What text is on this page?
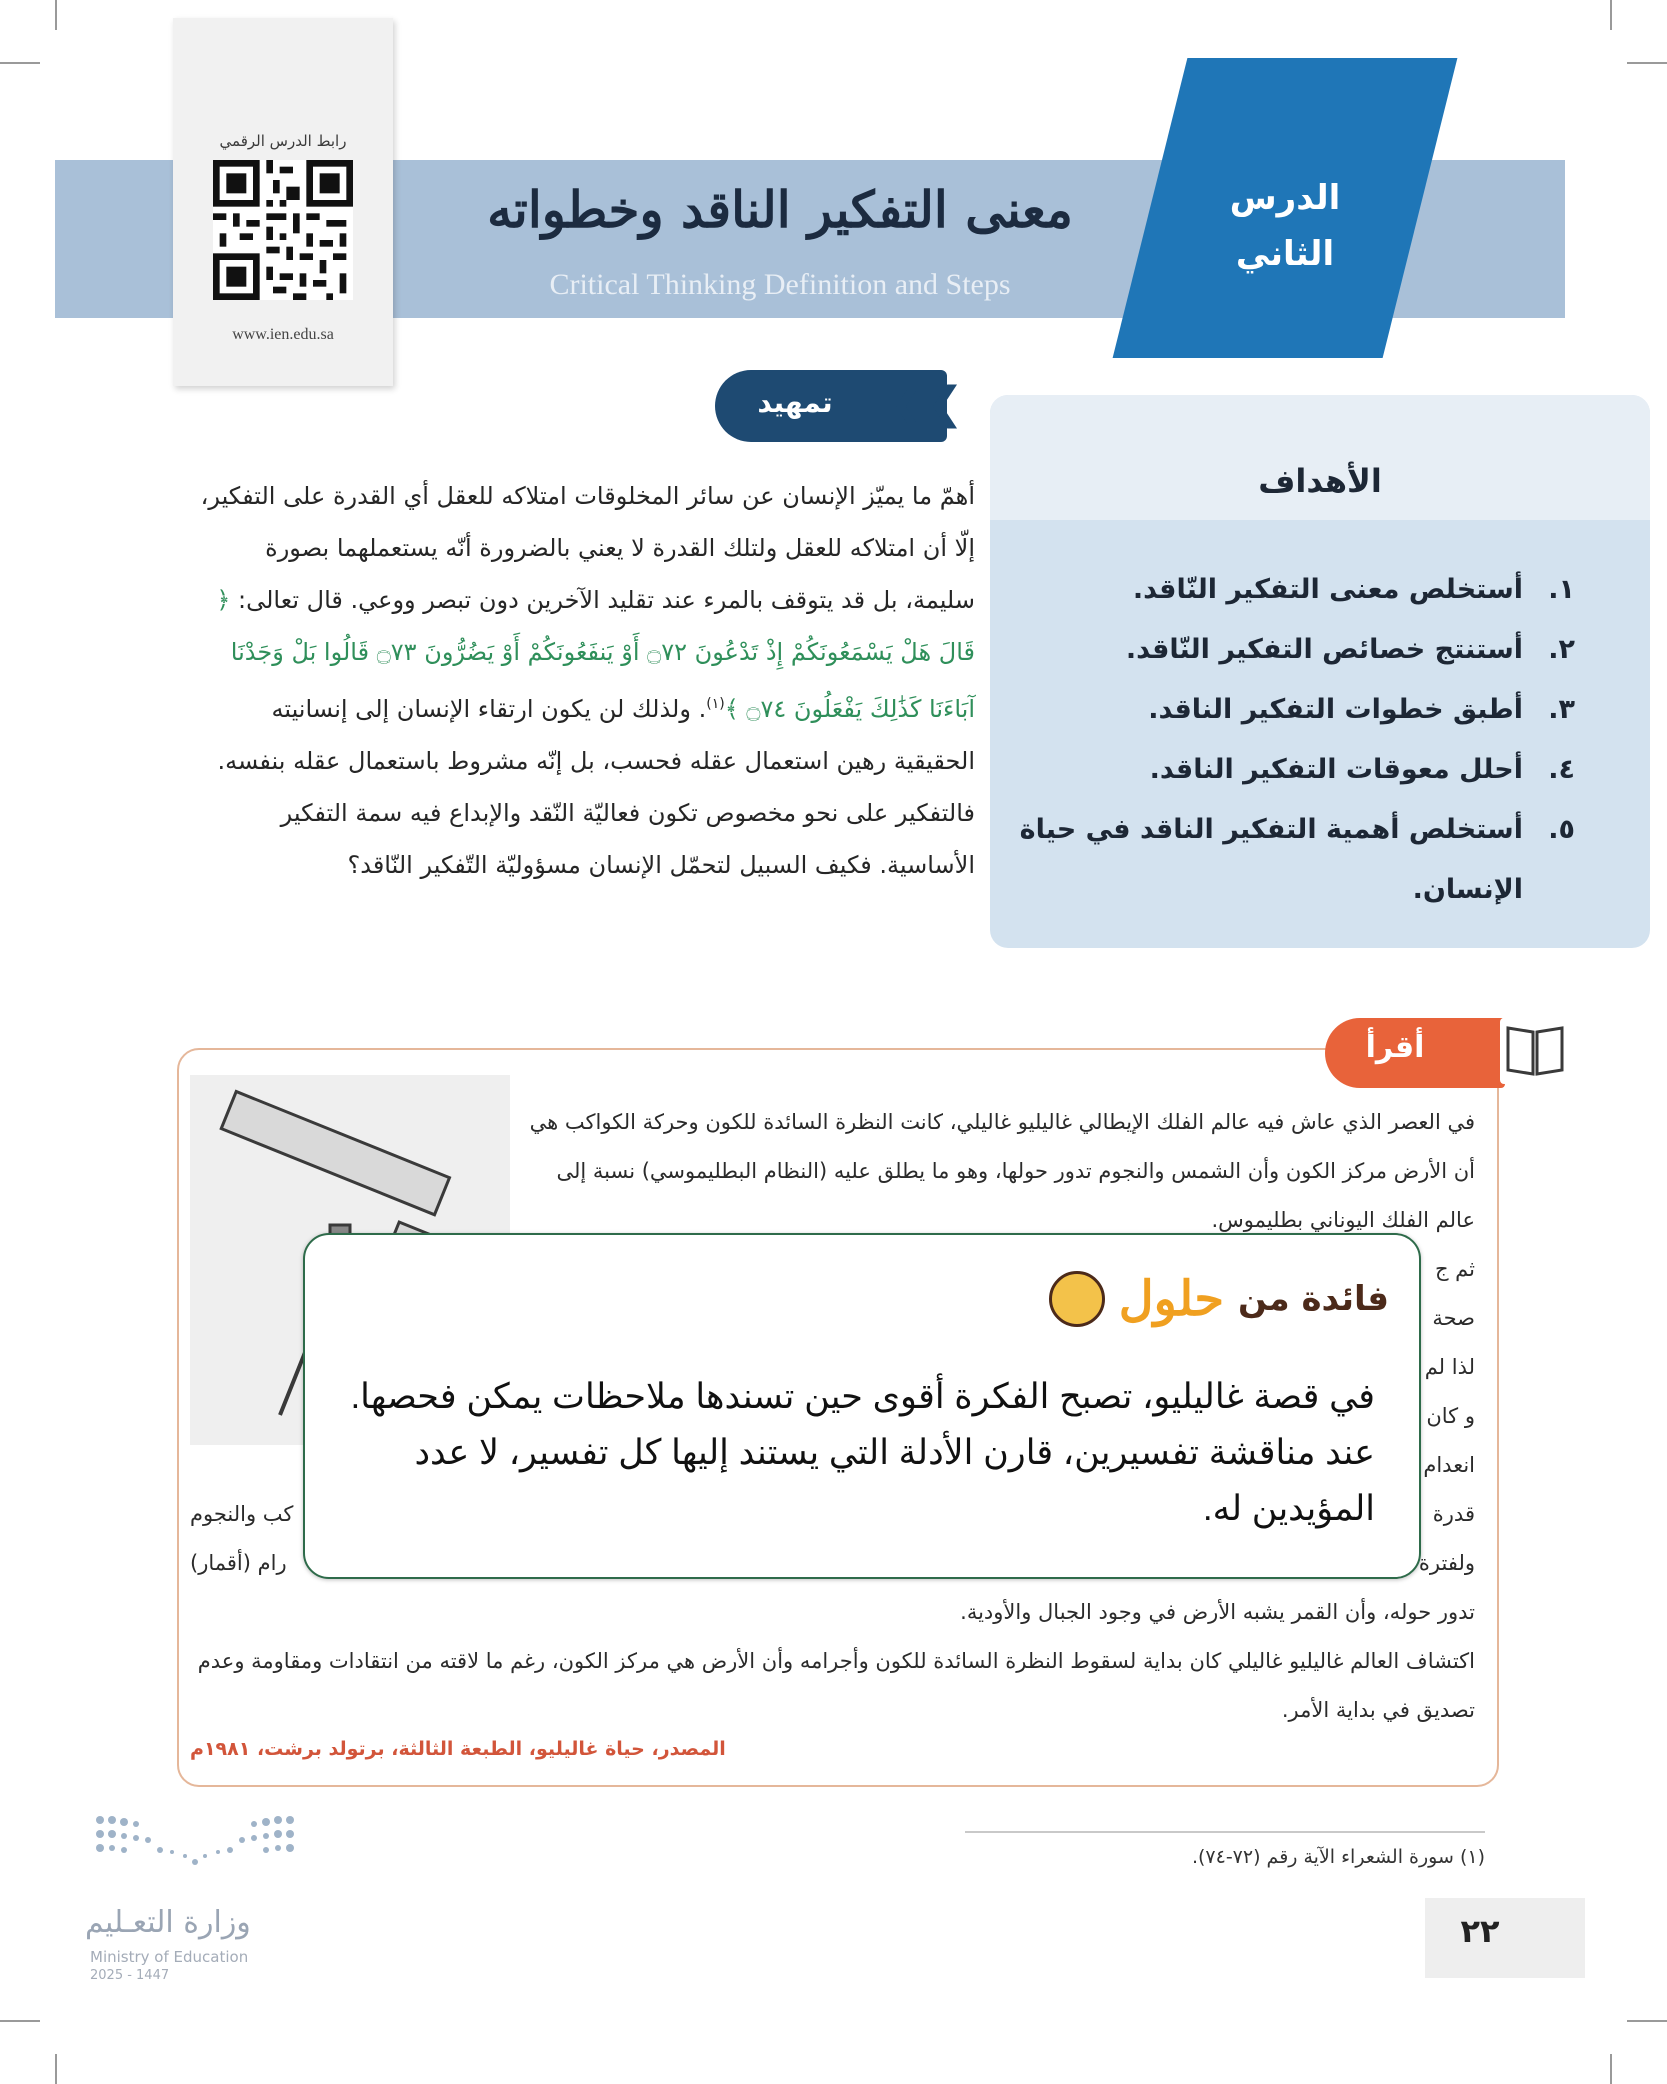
الدرس
الثاني
معنى التفكير الناقد وخطواته
Critical Thinking Definition and Steps
رابط الدرس الرقمي
www.ien.edu.sa
الأهداف
١.
أستخلص معنى التفكير النّاقد.
٢.
أستنتج خصائص التفكير النّاقد.
٣.
أطبق خطوات التفكير الناقد.
٤.
أحلل معوقات التفكير الناقد.
٥.
أستخلص أهمية التفكير الناقد في حياة الإنسان.
تمهيد	❮❮
أهمّ ما يميّز الإنسان عن سائر المخلوقات امتلاكه للعقل أي القدرة على التفكير، إلّا أن امتلاكه للعقل ولتلك القدرة لا يعني بالضرورة أنّه يستعملهما بصورة سليمة، بل قد يتوقف بالمرء عند تقليد الآخرين دون تبصر ووعي. قال تعالى: ﴿ قَالَ هَلْ يَسْمَعُونَكُمْ إِذْ تَدْعُونَ ۝٧٢ أَوْ يَنفَعُونَكُمْ أَوْ يَضُرُّونَ ۝٧٣ قَالُوا بَلْ وَجَدْنَا آبَاءَنَا كَذَٰلِكَ يَفْعَلُونَ ۝٧٤ ﴾$^{(١)}$. ولذلك لن يكون ارتقاء الإنسان إلى إنسانيته الحقيقية رهين استعمال عقله فحسب، بل إنّه مشروط باستعمال عقله بنفسه. فالتفكير على نحو مخصوص تكون فعاليّة النّقد والإبداع فيه سمة التفكير الأساسية. فكيف السبيل لتحمّل الإنسان مسؤوليّة التّفكير النّاقد؟
أقرأ

في العصر الذي عاش فيه عالم الفلك الإيطالي غاليليو غاليلي، كانت النظرة السائدة للكون وحركة الكواكب هي أن الأرض مركز الكون وأن الشمس والنجوم تدور حولها، وهو ما يطلق عليه (النظام البطليموسي) نسبة إلى عالم الفلك اليوناني بطليموس.

ثم ج

صحة

لذا لم

و كان

انعدام

قدرة
كب والنجوم

ولفترة
رام (أقمار)

تدور حوله، وأن القمر يشبه الأرض في وجود الجبال والأودية.

اكتشاف العالم غاليليو غاليلي كان بداية لسقوط النظرة السائدة للكون وأجرامه وأن الأرض هي مركز الكون، رغم ما لاقته من انتقادات ومقاومة وعدم تصديق في بداية الأمر.

المصدر، حياة غاليليو، الطبعة الثالثة، برتولد برشت، ١٩٨١م
فائدة من
حلول
في قصة غاليليو، تصبح الفكرة أقوى حين تسندها ملاحظات يمكن فحصها. عند مناقشة تفسيرين، قارن الأدلة التي يستند إليها كل تفسير، لا عدد المؤيدين له.
(١) سورة الشعراء الآية رقم (٧٢-٧٤).
٢٢
وزارة التعـليم
Ministry of Education
2025 - 1447
